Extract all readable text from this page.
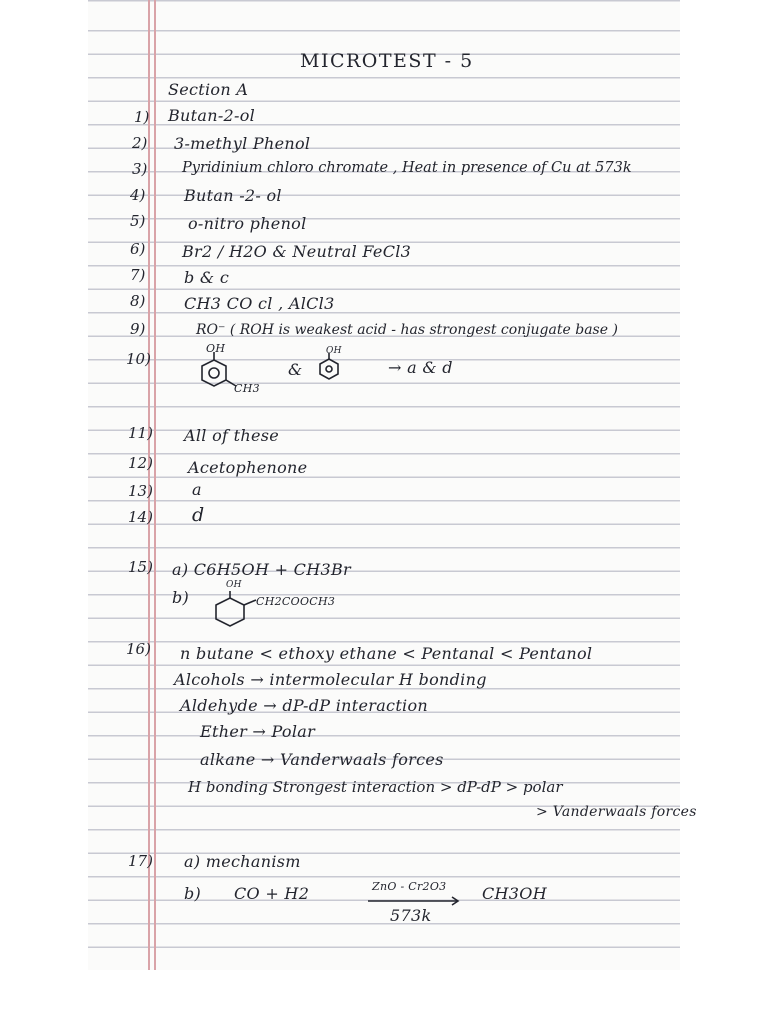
MICROTEST - 5
Section A
1) Butan-2-ol
2) 3-methyl Phenol
3) Pyridinium chloro chromate , Heat in presence of Cu at 573k
4) Butan -2- ol
5)	o-nitro phenol
6) Br2 / H2O & Neutral FeCl3
7) b & c
8) CH3 CO cl , AlCl3
9)	RO⁻ ( ROH is weakest acid - has strongest conjugate base )
10)
OH
CH3
&
OH
→ a & d
11) All of these
12) Acetophenone
13) a
14) d
15) a) C6H5OH + CH3Br
b)
OH
CH2COOCH3
16) n butane < ethoxy ethane < Pentanal < Pentanol
Alcohols → intermolecular H bonding
Aldehyde → dP-dP interaction
Ether → Polar
alkane → Vanderwaals forces
H bonding Strongest interaction > dP-dP > polar
> Vanderwaals forces
17) a) mechanism
b) CO + H2	ZnO - Cr2O3
573k
CH3OH
